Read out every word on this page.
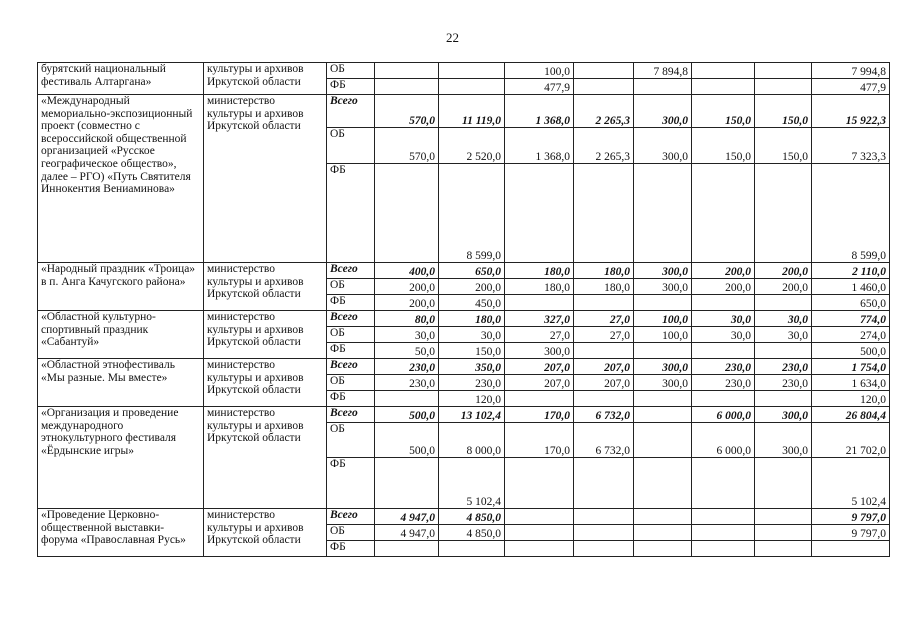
22
бурятский национальный фестиваль Алтаргана»	культуры и архивов Иркутской области	ОБ			100,0		7 894,8			7 994,8
		ФБ			477,9					477,9
«Международный мемориально-экспозиционный проект (совместно с всероссийской общественной организацией «Русское географическое общество», далее – РГО) «Путь Святителя Иннокентия Вениаминова»	министерство культуры и архивов Иркутской области	Всего	570,0	11 119,0	1 368,0	2 265,3	300,0	150,0	150,0	15 922,3
		ОБ	570,0	2 520,0	1 368,0	2 265,3	300,0	150,0	150,0	7 323,3
		ФБ		8 599,0						8 599,0
«Народный праздник «Троица» в п. Анга Качугского района»	министерство культуры и архивов Иркутской области	Всего	400,0	650,0	180,0	180,0	300,0	200,0	200,0	2 110,0
		ОБ	200,0	200,0	180,0	180,0	300,0	200,0	200,0	1 460,0
		ФБ	200,0	450,0						650,0
«Областной культурно-спортивный праздник «Сабантуй»	министерство культуры и архивов Иркутской области	Всего	80,0	180,0	327,0	27,0	100,0	30,0	30,0	774,0
		ОБ	30,0	30,0	27,0	27,0	100,0	30,0	30,0	274,0
		ФБ	50,0	150,0	300,0					500,0
«Областной этнофестиваль «Мы разные. Мы вместе»	министерство культуры и архивов Иркутской области	Всего	230,0	350,0	207,0	207,0	300,0	230,0	230,0	1 754,0
		ОБ	230,0	230,0	207,0	207,0	300,0	230,0	230,0	1 634,0
		ФБ		120,0						120,0
«Организация и проведение международного этнокультурного фестиваля «Ёрдынские игры»	министерство культуры и архивов Иркутской области	Всего	500,0	13 102,4	170,0	6 732,0		6 000,0	300,0	26 804,4
		ОБ	500,0	8 000,0	170,0	6 732,0		6 000,0	300,0	21 702,0
		ФБ		5 102,4						5 102,4
«Проведение Церковно-общественной выставки-форума «Православная Русь»	министерство культуры и архивов Иркутской области	Всего	4 947,0	4 850,0						9 797,0
		ОБ	4 947,0	4 850,0						9 797,0
		ФБ								
